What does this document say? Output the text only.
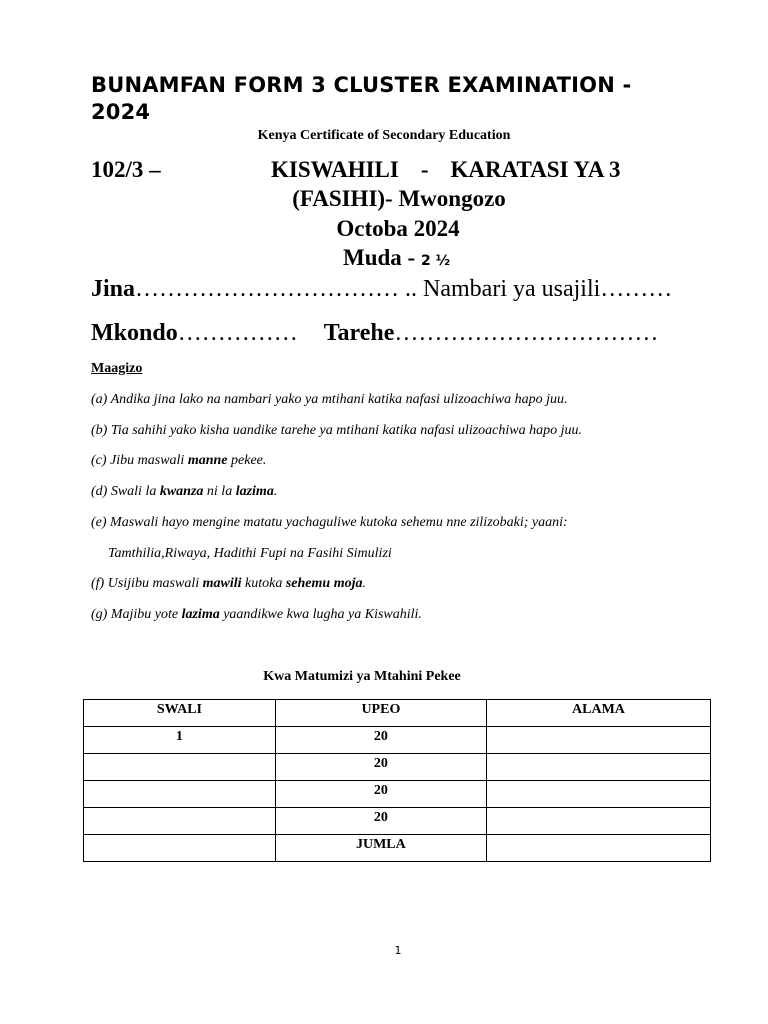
BUNAMFAN FORM 3 CLUSTER EXAMINATION - 2024
Kenya Certificate of Secondary Education
102/3 –	KISWAHILI - KARATASI YA 3
(FASIHI)- Mwongozo
Octoba 2024
Muda - 2 ½
Jina…………………………… .. Nambari ya usajili………
Mkondo…………… Tarehe……………………………
Maagizo
(a) Andika jina lako na nambari yako ya mtihani katika nafasi ulizoachiwa hapo juu.
(b) Tia sahihi yako kisha uandike tarehe ya mtihani katika nafasi ulizoachiwa hapo juu.
(c) Jibu maswali manne pekee.
(d) Swali la kwanza ni la lazima.
(e) Maswali hayo mengine matatu yachaguliwe kutoka sehemu nne zilizobaki; yaani:
Tamthilia,Riwaya, Hadithi Fupi na Fasihi Simulizi
(f) Usijibu maswali mawili kutoka sehemu moja.
(g) Majibu yote lazima yaandikwe kwa lugha ya Kiswahili.
Kwa Matumizi ya Mtahini Pekee
SWALI	UPEO	ALAMA
1	20	
	20	
	20	
	20	
	JUMLA	
1
